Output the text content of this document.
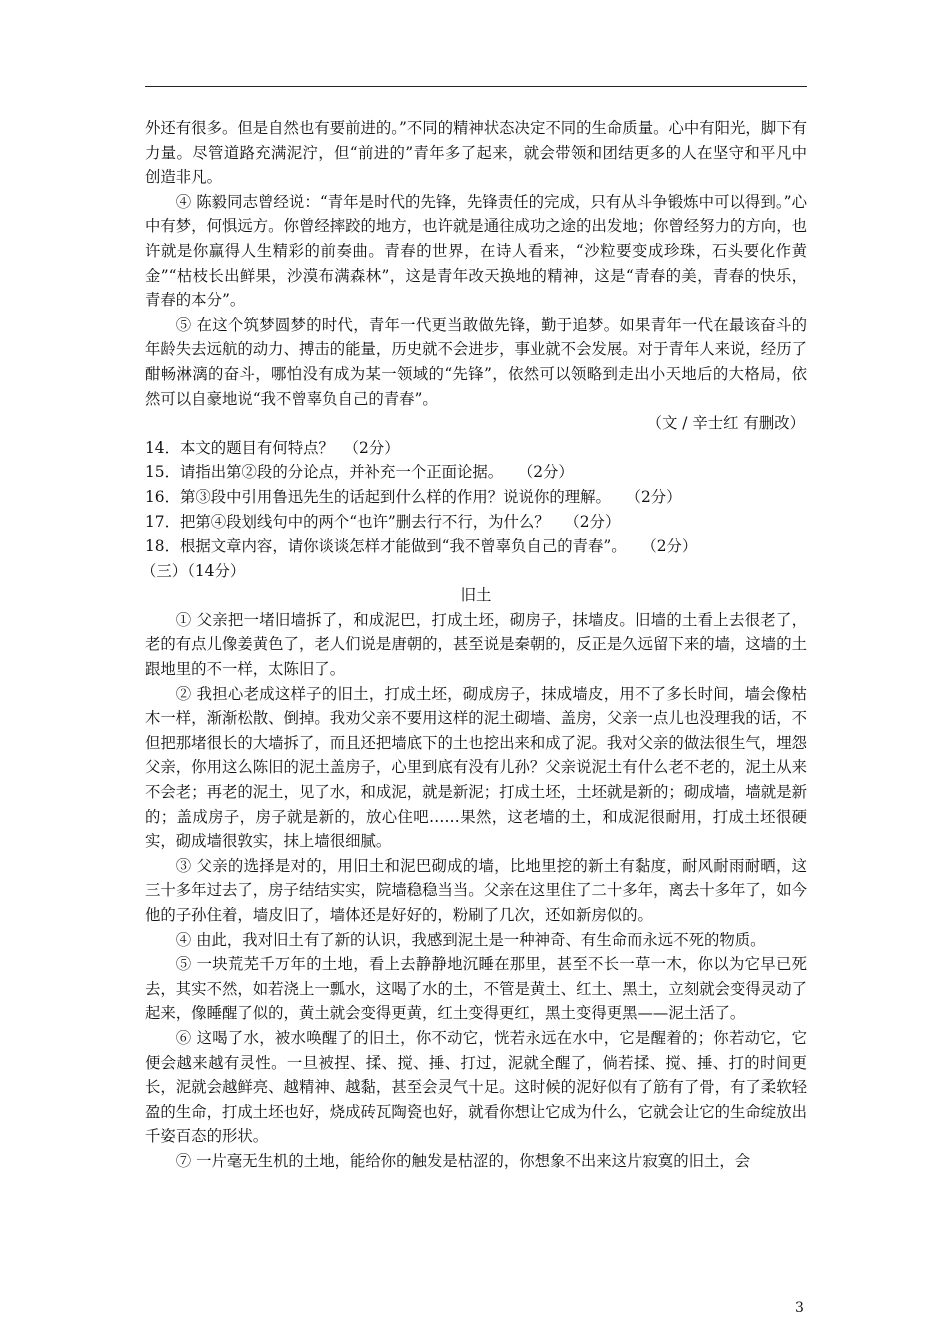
外还有很多。但是自然也有要前进的。”不同的精神状态决定不同的生命质量。心中有阳光，脚下有力量。尽管道路充满泥泞，但“前进的”青年多了起来，就会带领和团结更多的人在坚守和平凡中创造非凡。

④ 陈毅同志曾经说：“青年是时代的先锋，先锋责任的完成，只有从斗争锻炼中可以得到。”心中有梦，何惧远方。你曾经摔跤的地方，也许就是通往成功之途的出发地；你曾经努力的方向，也许就是你赢得人生精彩的前奏曲。青春的世界，在诗人看来，“沙粒要变成珍珠，石头要化作黄金”“枯枝长出鲜果，沙漠布满森林”，这是青年改天换地的精神，这是“青春的美，青春的快乐，青春的本分”。

⑤ 在这个筑梦圆梦的时代，青年一代更当敢做先锋，勤于追梦。如果青年一代在最该奋斗的年龄失去远航的动力、搏击的能量，历史就不会进步，事业就不会发展。对于青年人来说，经历了酣畅淋漓的奋斗，哪怕没有成为某一领域的“先锋”，依然可以领略到走出小天地后的大格局，依然可以自豪地说“我不曾辜负自己的青春”。

（文 / 辛士红 有删改）

14．本文的题目有何特点？  （2分）

15．请指出第②段的分论点，并补充一个正面论据。   （2分）

16．第③段中引用鲁迅先生的话起到什么样的作用？说说你的理解。   （2分）

17．把第④段划线句中的两个“也许”删去行不行，为什么？   （2分）

18．根据文章内容，请你谈谈怎样才能做到“我不曾辜负自己的青春”。   （2分）

（三）（14分）

旧土

① 父亲把一堵旧墙拆了，和成泥巴，打成土坯，砌房子，抹墙皮。旧墙的土看上去很老了，老的有点儿像姜黄色了，老人们说是唐朝的，甚至说是秦朝的，反正是久远留下来的墙，这墙的土跟地里的不一样，太陈旧了。

② 我担心老成这样子的旧土，打成土坯，砌成房子，抹成墙皮，用不了多长时间，墙会像枯木一样，渐渐松散、倒掉。我劝父亲不要用这样的泥土砌墙、盖房，父亲一点儿也没理我的话，不但把那堵很长的大墙拆了，而且还把墙底下的土也挖出来和成了泥。我对父亲的做法很生气，埋怨父亲，你用这么陈旧的泥土盖房子，心里到底有没有儿孙？父亲说泥土有什么老不老的，泥土从来不会老；再老的泥土，见了水，和成泥，就是新泥；打成土坯，土坯就是新的；砌成墙，墙就是新的；盖成房子，房子就是新的，放心住吧……果然，这老墙的土，和成泥很耐用，打成土坯很硬实，砌成墙很敦实，抹上墙很细腻。

③ 父亲的选择是对的，用旧土和泥巴砌成的墙，比地里挖的新土有黏度，耐风耐雨耐晒，这三十多年过去了，房子结结实实，院墙稳稳当当。父亲在这里住了二十多年，离去十多年了，如今他的子孙住着，墙皮旧了，墙体还是好好的，粉刷了几次，还如新房似的。

④ 由此，我对旧土有了新的认识，我感到泥土是一种神奇、有生命而永远不死的物质。

⑤ 一块荒芜千万年的土地，看上去静静地沉睡在那里，甚至不长一草一木，你以为它早已死去，其实不然，如若浇上一瓢水，这喝了水的土，不管是黄土、红土、黑土，立刻就会变得灵动了起来，像睡醒了似的，黄土就会变得更黄，红土变得更红，黑土变得更黑——泥土活了。

⑥ 这喝了水，被水唤醒了的旧土，你不动它，恍若永远在水中，它是醒着的；你若动它，它便会越来越有灵性。一旦被捏、揉、搅、捶、打过，泥就全醒了，倘若揉、搅、捶、打的时间更长，泥就会越鲜亮、越精神、越黏，甚至会灵气十足。这时候的泥好似有了筋有了骨，有了柔软轻盈的生命，打成土坯也好，烧成砖瓦陶瓷也好，就看你想让它成为什么，它就会让它的生命绽放出千姿百态的形状。

⑦ 一片毫无生机的土地，能给你的触发是枯涩的，你想象不出来这片寂寞的旧土，会

3
